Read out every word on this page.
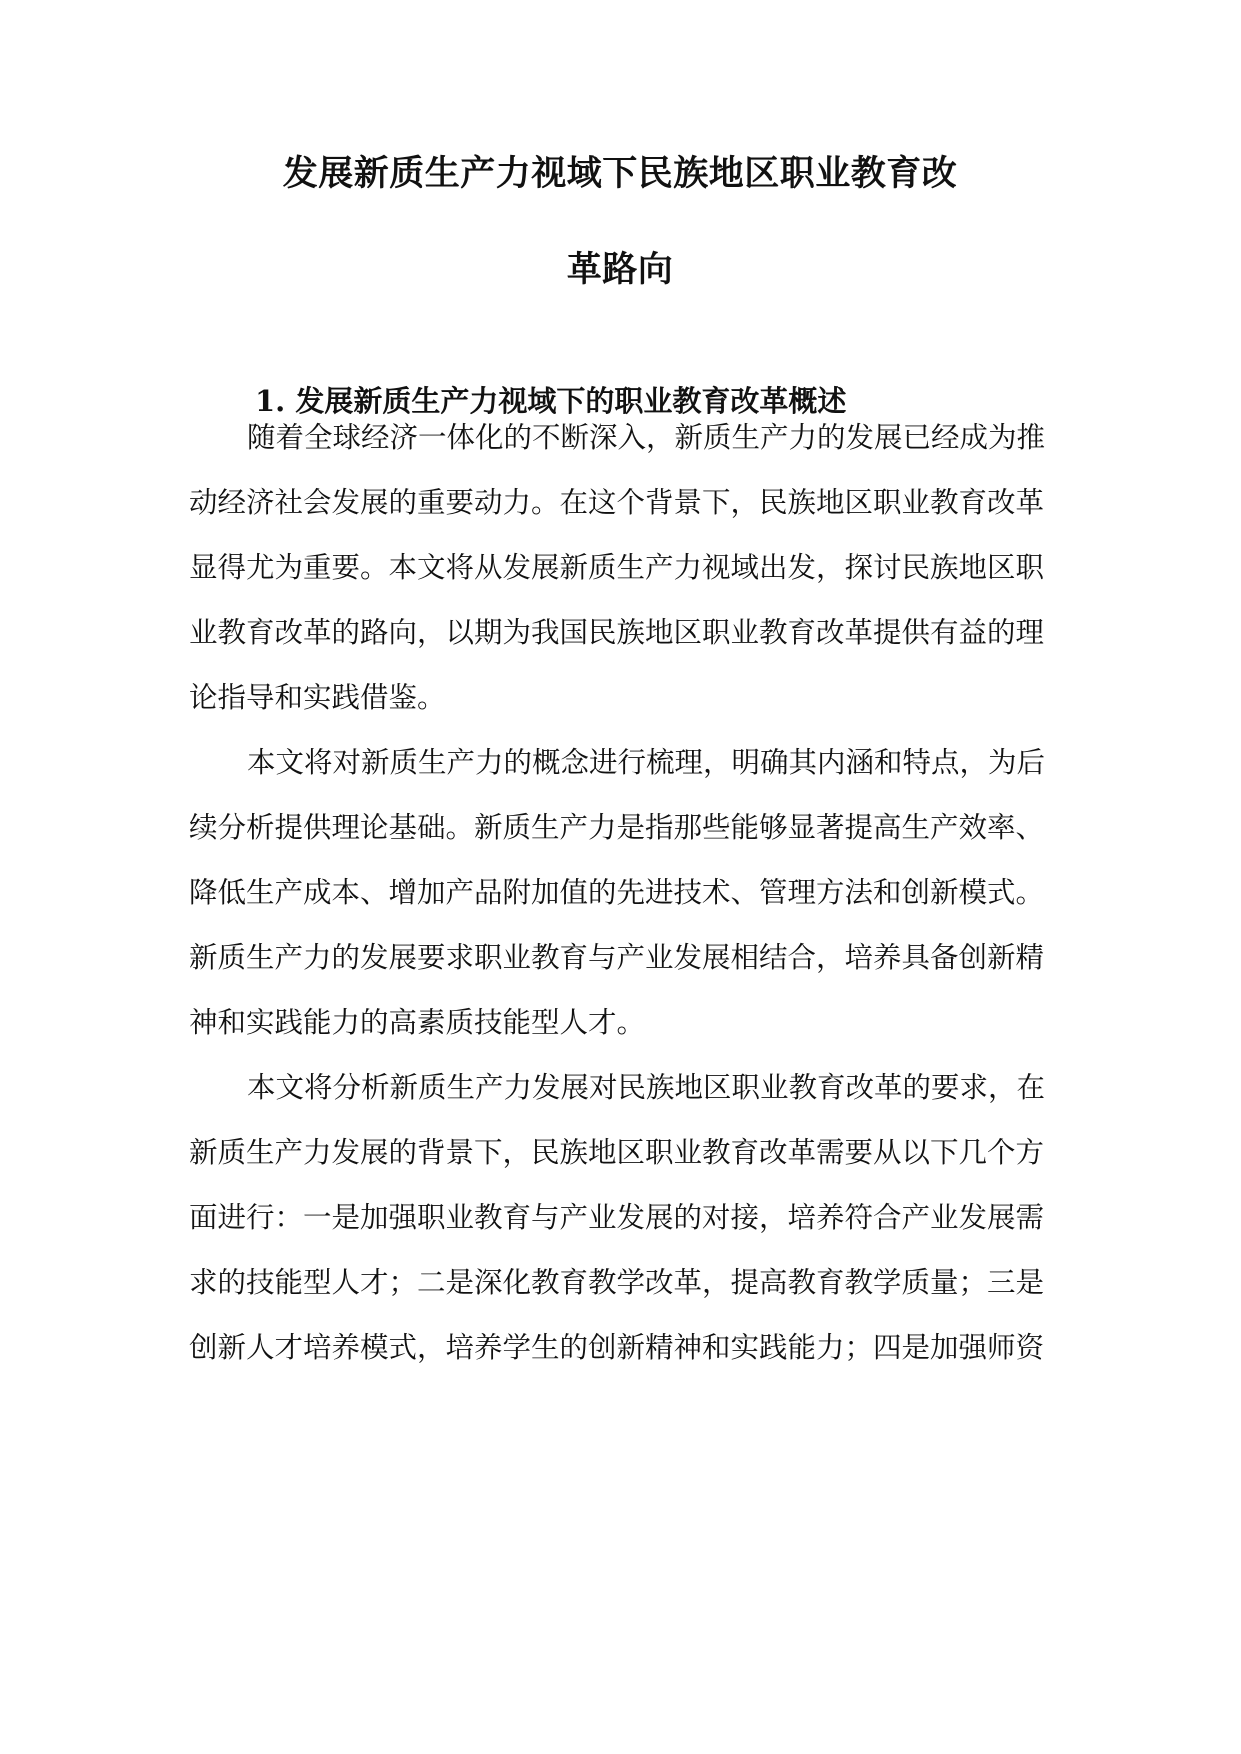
发展新质生产力视域下民族地区职业教育改
革路向
1. 发展新质生产力视域下的职业教育改革概述

随着全球经济一体化的不断深入，新质生产力的发展已经成为推

动经济社会发展的重要动力。在这个背景下，民族地区职业教育改革

显得尤为重要。本文将从发展新质生产力视域出发，探讨民族地区职

业教育改革的路向，以期为我国民族地区职业教育改革提供有益的理

论指导和实践借鉴。

本文将对新质生产力的概念进行梳理，明确其内涵和特点，为后

续分析提供理论基础。新质生产力是指那些能够显著提高生产效率、

降低生产成本、增加产品附加值的先进技术、管理方法和创新模式。

新质生产力的发展要求职业教育与产业发展相结合，培养具备创新精

神和实践能力的高素质技能型人才。

本文将分析新质生产力发展对民族地区职业教育改革的要求，在

新质生产力发展的背景下，民族地区职业教育改革需要从以下几个方

面进行：一是加强职业教育与产业发展的对接，培养符合产业发展需

求的技能型人才；二是深化教育教学改革，提高教育教学质量；三是

创新人才培养模式，培养学生的创新精神和实践能力；四是加强师资
